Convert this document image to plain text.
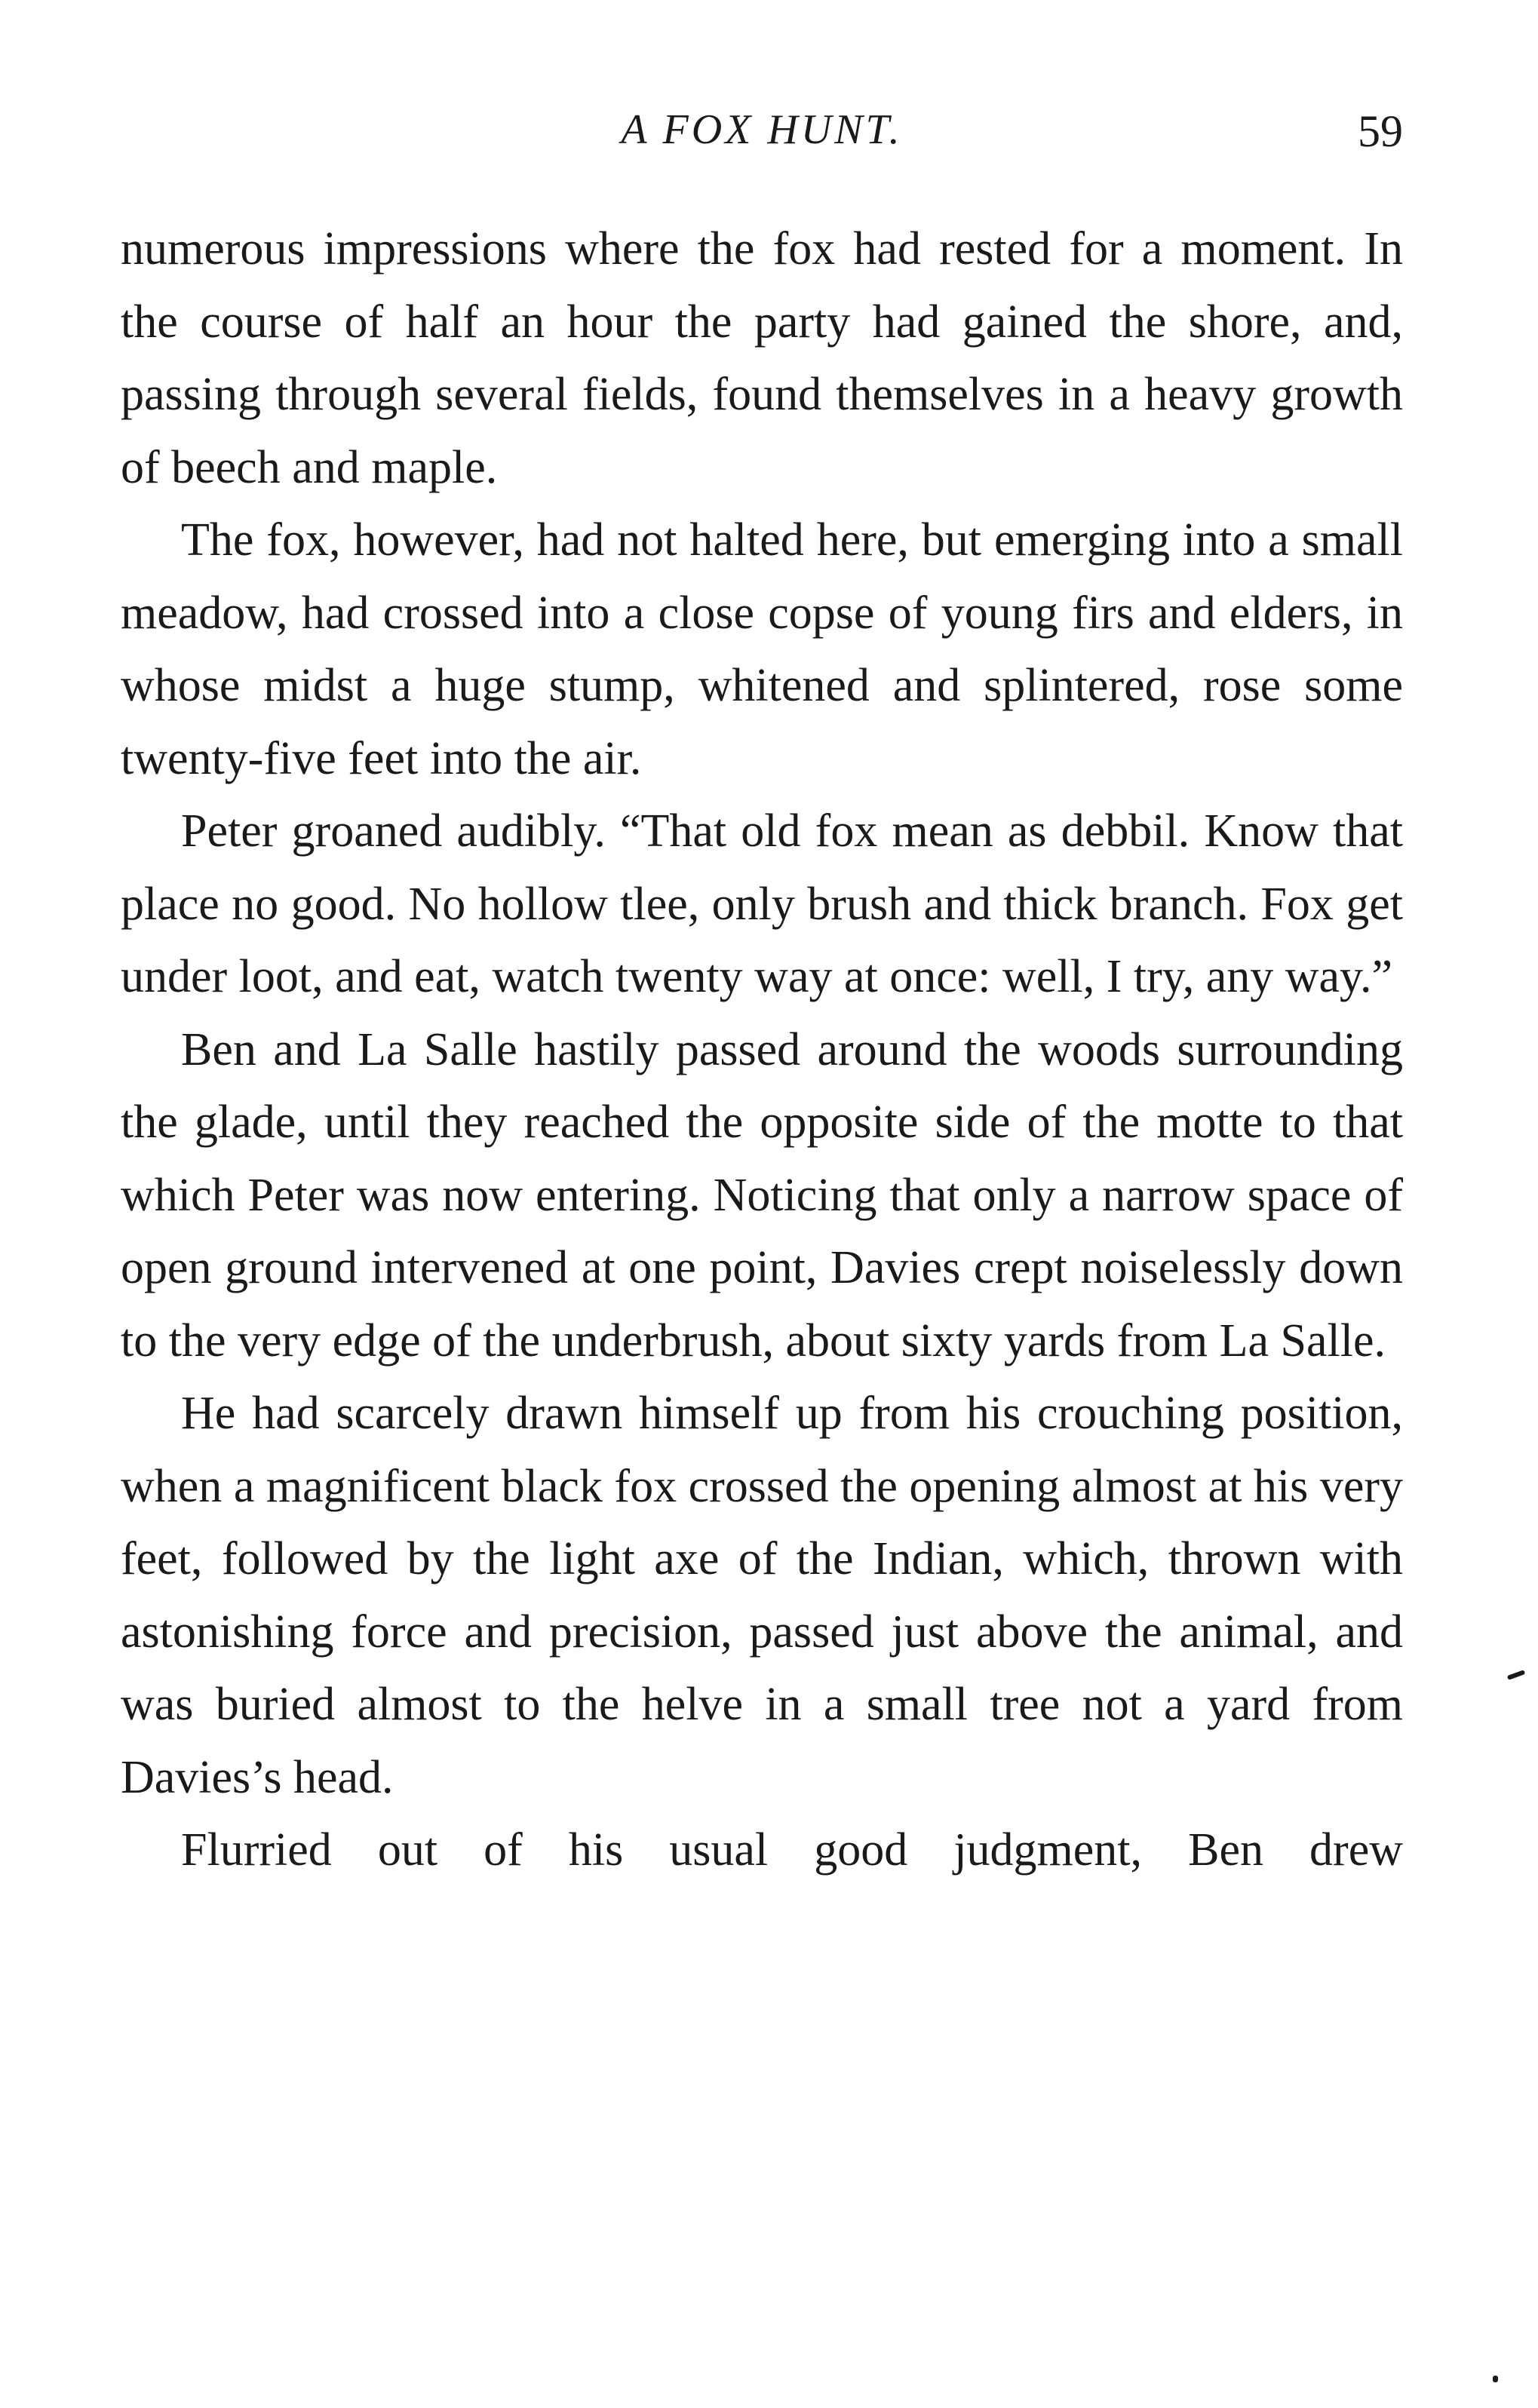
A FOX HUNT.	59

numerous impressions where the fox had rested for a moment. In the course of half an hour the party had gained the shore, and, passing through several fields, found themselves in a heavy growth of beech and maple.

The fox, however, had not halted here, but emerging into a small meadow, had crossed into a close copse of young firs and elders, in whose midst a huge stump, whitened and splintered, rose some twenty-five feet into the air.

Peter groaned audibly. “That old fox mean as debbil. Know that place no good. No hollow tlee, only brush and thick branch. Fox get under loot, and eat, watch twenty way at once: well, I try, any way.”

Ben and La Salle hastily passed around the woods surrounding the glade, until they reached the opposite side of the motte to that which Peter was now entering. Noticing that only a narrow space of open ground intervened at one point, Davies crept noiselessly down to the very edge of the underbrush, about sixty yards from La Salle.

He had scarcely drawn himself up from his crouching position, when a magnificent black fox crossed the opening almost at his very feet, followed by the light axe of the Indian, which, thrown with astonishing force and precision, passed just above the animal, and was buried almost to the helve in a small tree not a yard from Davies’s head.

Flurried out of his usual good judgment, Ben drew
